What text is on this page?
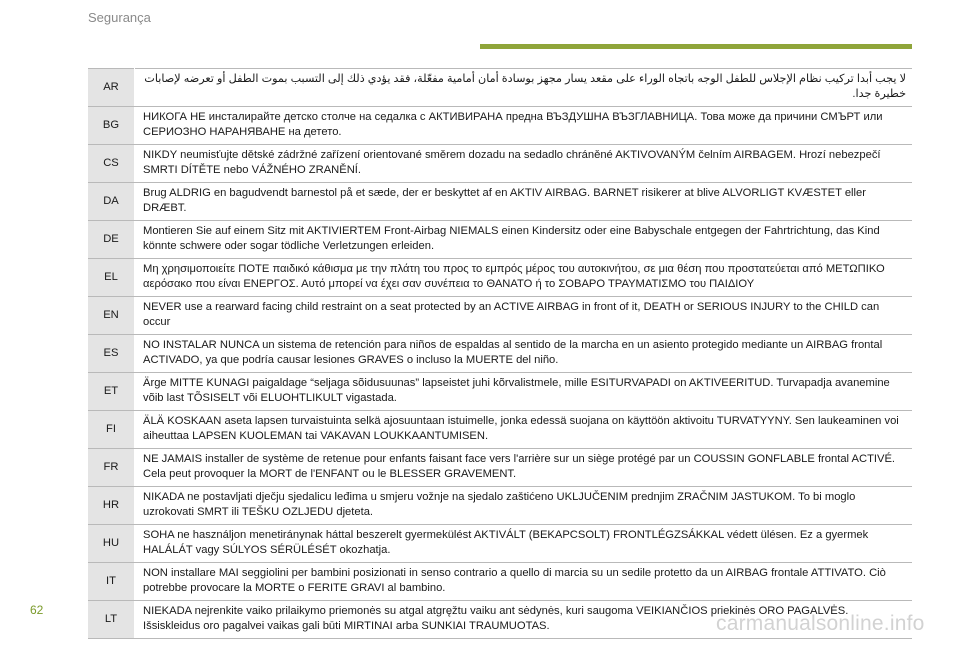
Segurança
AR	لا يجب أبدا تركيب نظام الإجلاس للطفل الوجه باتجاه الوراء على مقعد يسار مجهز بوسادة أمان أمامية مفعّلة، فقد يؤدي ذلك إلى التسبب بموت الطفل أو تعرضه لإصابات خطيرة جدا.
BG	НИКОГА НЕ инсталирайте детско столче на седалка с АКТИВИРАНА предна ВЪЗДУШНА ВЪЗГЛАВНИЦА. Това може да причини СМЪРТ или СЕРИОЗНО НАРАНЯВАНЕ на детето.
CS	NIKDY neumisťujte dětské zádržné zařízení orientované směrem dozadu na sedadlo chráněné AKTIVOVANÝM čelním AIRBAGEM. Hrozí nebezpečí SMRTI DÍTĚTE nebo VÁŽNÉHO ZRANĚNÍ.
DA	Brug ALDRIG en bagudvendt barnestol på et sæde, der er beskyttet af en AKTIV AIRBAG. BARNET risikerer at blive ALVORLIGT KVÆSTET eller DRÆBT.
DE	Montieren Sie auf einem Sitz mit AKTIVIERTEM Front-Airbag NIEMALS einen Kindersitz oder eine Babyschale entgegen der Fahrtrichtung, das Kind könnte schwere oder sogar tödliche Verletzungen erleiden.
EL	Μη χρησιμοποιείτε ΠΟΤΕ παιδικό κάθισμα με την πλάτη του προς το εμπρός μέρος του αυτοκινήτου, σε μια θέση που προστατεύεται από ΜΕΤΩΠΙΚΟ αερόσακο που είναι ΕΝΕΡΓΟΣ. Αυτό μπορεί να έχει σαν συνέπεια το ΘΑΝΑΤΟ ή το ΣΟΒΑΡΟ ΤΡΑΥΜΑΤΙΣΜΟ του ΠΑΙΔΙΟΥ
EN	NEVER use a rearward facing child restraint on a seat protected by an ACTIVE AIRBAG in front of it, DEATH or SERIOUS INJURY to the CHILD can occur
ES	NO INSTALAR NUNCA un sistema de retención para niños de espaldas al sentido de la marcha en un asiento protegido mediante un AIRBAG frontal ACTIVADO, ya que podría causar lesiones GRAVES o incluso la MUERTE del niño.
ET	Ärge MITTE KUNAGI paigaldage “seljaga sõidusuunas” lapseistet juhi kõrvalistmele, mille ESITURVAPADI on AKTIVEERITUD. Turvapadja avanemine võib last TÕSISELT või ELUOHTLIKULT vigastada.
FI	ÄLÄ KOSKAAN aseta lapsen turvaistuinta selkä ajosuuntaan istuimelle, jonka edessä suojana on käyttöön aktivoitu TURVATYYNY. Sen laukeaminen voi aiheuttaa LAPSEN KUOLEMAN tai VAKAVAN LOUKKAANTUMISEN.
FR	NE JAMAIS installer de système de retenue pour enfants faisant face vers l'arrière sur un siège protégé par un COUSSIN GONFLABLE frontal ACTIVÉ. Cela peut provoquer la MORT de l'ENFANT ou le BLESSER GRAVEMENT.
HR	NIKADA ne postavljati dječju sjedalicu leđima u smjeru vožnje na sjedalo zaštićeno UKLJUČENIM prednjim ZRAČNIM JASTUKOM. To bi moglo uzrokovati SMRT ili TEŠKU OZLJEDU djeteta.
HU	SOHA ne használjon menetiránynak háttal beszerelt gyermekülést AKTIVÁLT (BEKAPCSOLT) FRONTLÉGZSÁKKAL védett ülésen. Ez a gyermek HALÁLÁT vagy SÚLYOS SÉRÜLÉSÉT okozhatja.
IT	NON installare MAI seggiolini per bambini posizionati in senso contrario a quello di marcia su un sedile protetto da un AIRBAG frontale ATTIVATO. Ciò potrebbe provocare la MORTE o FERITE GRAVI al bambino.
LT	NIEKADA nejrenkite vaiko prilaikymo priemonės su atgal atgręžtu vaiku ant sėdynės, kuri saugoma VEIKIANČIOS priekinės ORO PAGALVĖS. Išsiskleidus oro pagalvei vaikas gali būti MIRTINAI arba SUNKIAI TRAUMUOTAS.
62
carmanualsonline.info
